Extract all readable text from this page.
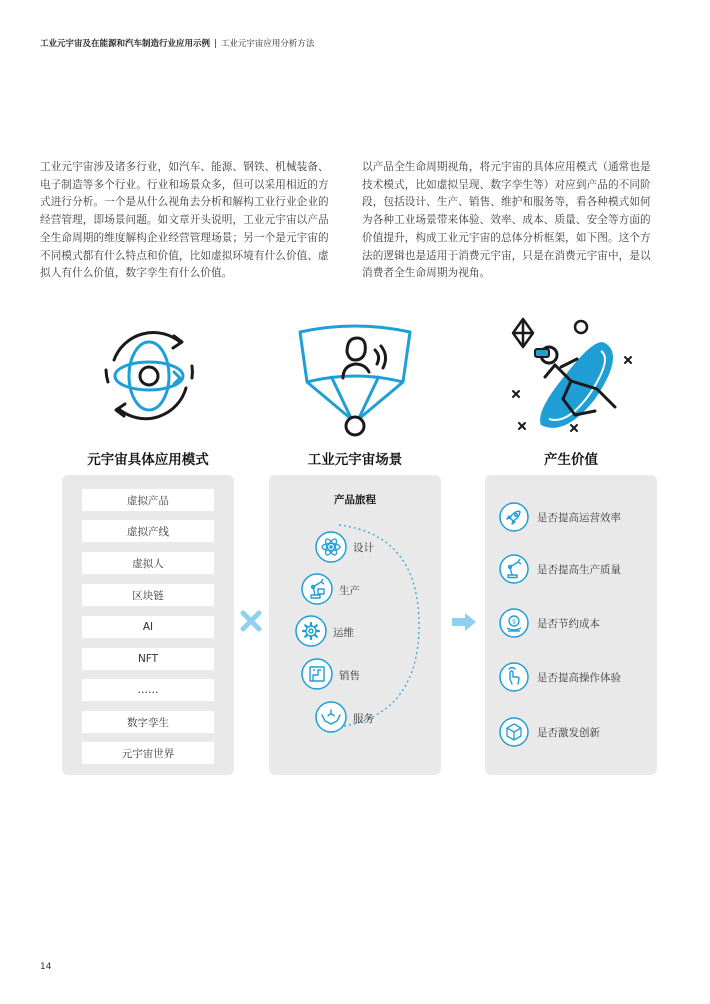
工业元宇宙及在能源和汽车制造行业应用示例 | 工业元宇宙应用分析方法
工业元宇宙涉及诸多行业，如汽车、能源、钢铁、机械装备、
电子制造等多个行业。行业和场景众多，但可以采用相近的方
式进行分析。一个是从什么视角去分析和解构工业行业企业的
经营管理，即场景问题。如文章开头说明，工业元宇宙以产品
全生命周期的维度解构企业经营管理场景；另一个是元宇宙的
不同模式都有什么特点和价值，比如虚拟环境有什么价值、虚
拟人有什么价值，数字孪生有什么价值。
以产品全生命周期视角，将元宇宙的具体应用模式（通常也是
技术模式，比如虚拟呈现、数字孪生等）对应到产品的不同阶
段，包括设计、生产、销售、维护和服务等，看各种模式如何
为各种工业场景带来体验、效率、成本、质量、安全等方面的
价值提升，构成工业元宇宙的总体分析框架，如下图。这个方
法的逻辑也是适用于消费元宇宙，只是在消费元宇宙中，是以
消费者全生命周期为视角。
元宇宙具体应用模式	工业元宇宙场景	产生价值
虚拟产品
虚拟产线
虚拟人
区块链
AI
NFT
……
数字孪生
元宇宙世界
产品旅程
设计
生产
运维
销售
服务
是否提高运营效率
是否提高生产质量
$ 是否节约成本
是否提高操作体验
是否激发创新
14
